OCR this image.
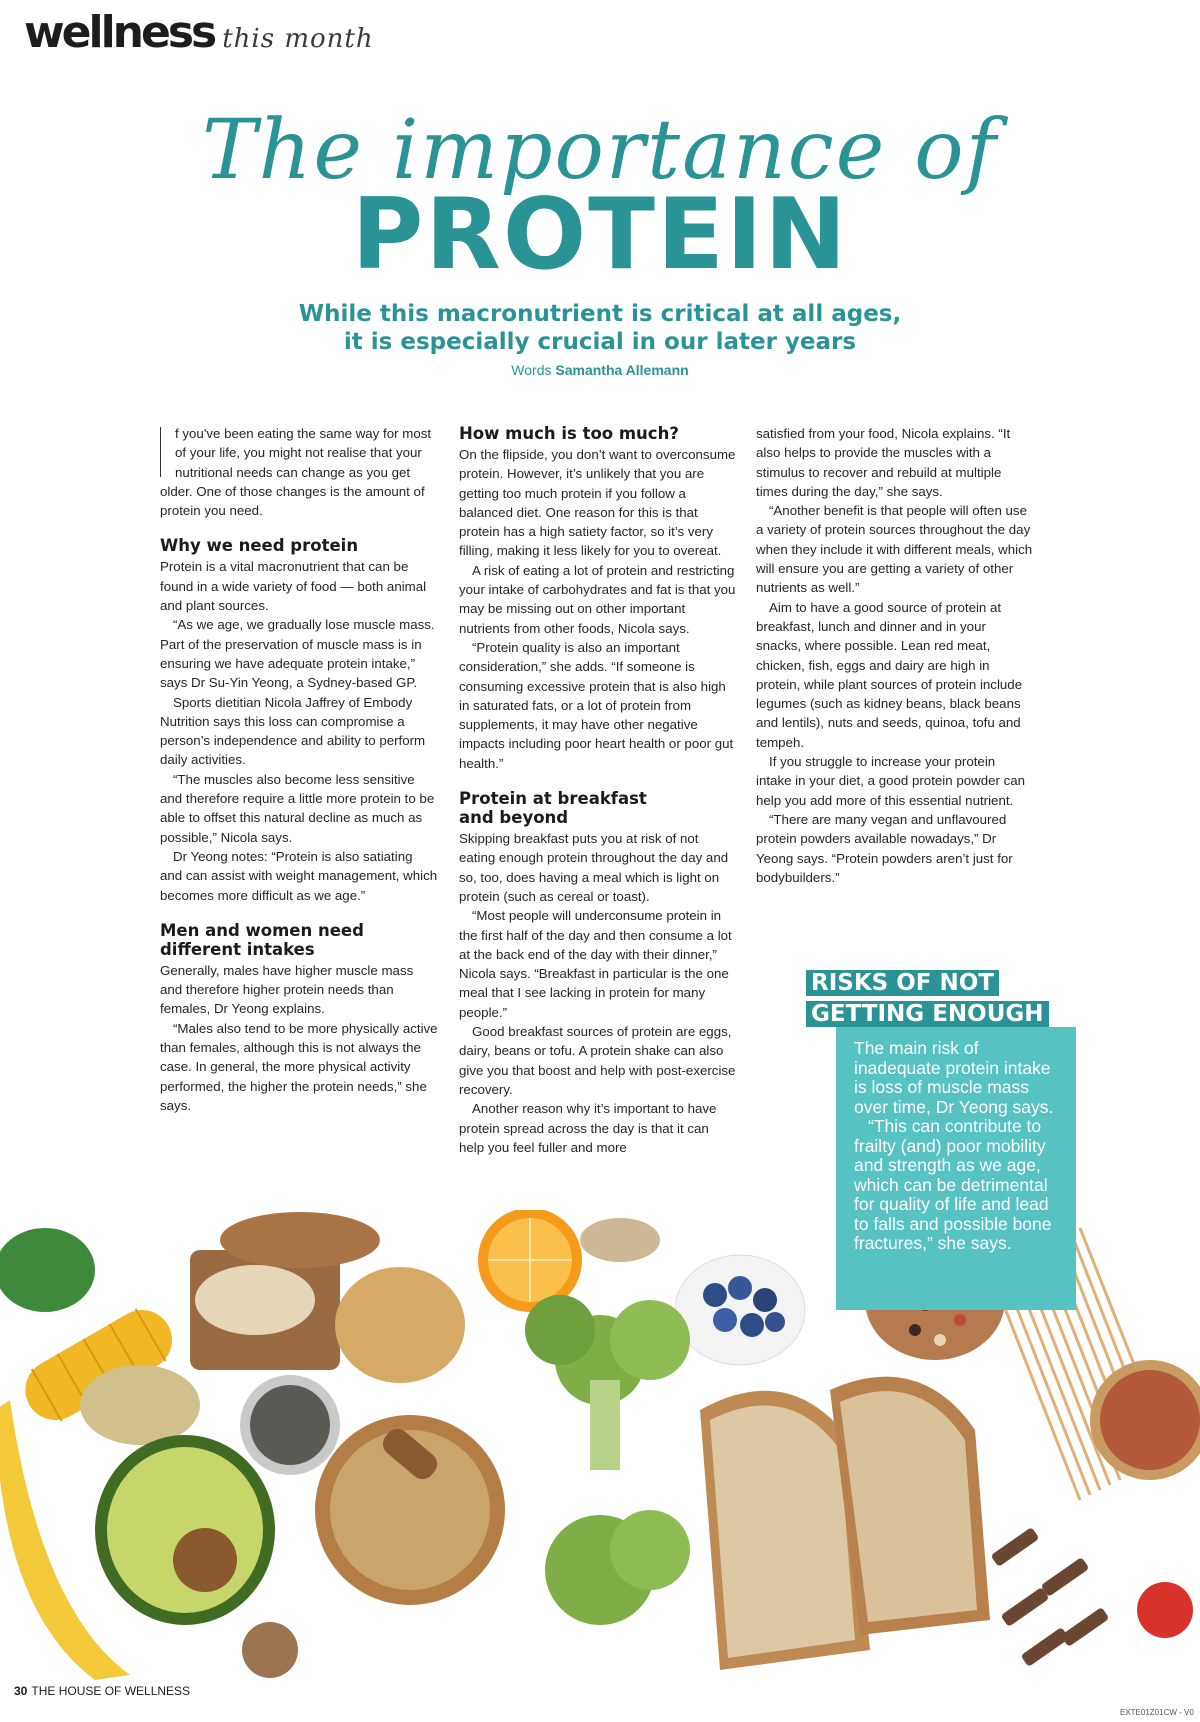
wellness this month
The importance of
PROTEIN
While this macronutrient is critical at all ages,
it is especially crucial in our later years
Words Samantha Allemann

f you've been eating the same way for most of your life, you might not realise that your nutritional needs can change as you get older. One of those changes is the amount of protein you need.

Why we need protein

Protein is a vital macronutrient that can be found in a wide variety of food — both animal and plant sources.

“As we age, we gradually lose muscle mass. Part of the preservation of muscle mass is in ensuring we have adequate protein intake,” says Dr Su-Yin Yeong, a Sydney-based GP.

Sports dietitian Nicola Jaffrey of Embody Nutrition says this loss can compromise a person’s independence and ability to perform daily activities.

“The muscles also become less sensitive and therefore require a little more protein to be able to offset this natural decline as much as possible,” Nicola says.

Dr Yeong notes: “Protein is also satiating and can assist with weight management, which becomes more difficult as we age.”

Men and women need
different intakes

Generally, males have higher muscle mass and therefore higher protein needs than females, Dr Yeong explains.

“Males also tend to be more physically active than females, although this is not always the case. In general, the more physical activity performed, the higher the protein needs,” she says.

How much is too much?

On the flipside, you don’t want to overconsume protein. However, it’s unlikely that you are getting too much protein if you follow a balanced diet. One reason for this is that protein has a high satiety factor, so it’s very filling, making it less likely for you to overeat.

A risk of eating a lot of protein and restricting your intake of carbohydrates and fat is that you may be missing out on other important nutrients from other foods, Nicola says.

“Protein quality is also an important consideration,” she adds. “If someone is consuming excessive protein that is also high in saturated fats, or a lot of protein from supplements, it may have other negative impacts including poor heart health or poor gut health.”

Protein at breakfast
and beyond

Skipping breakfast puts you at risk of not eating enough protein throughout the day and so, too, does having a meal which is light on protein (such as cereal or toast).

“Most people will underconsume protein in the first half of the day and then consume a lot at the back end of the day with their dinner,” Nicola says. “Breakfast in particular is the one meal that I see lacking in protein for many people.”

Good breakfast sources of protein are eggs, dairy, beans or tofu. A protein shake can also give you that boost and help with post-exercise recovery.

Another reason why it’s important to have protein spread across the day is that it can help you feel fuller and more

satisfied from your food, Nicola explains. “It also helps to provide the muscles with a stimulus to recover and rebuild at multiple times during the day,” she says.

“Another benefit is that people will often use a variety of protein sources throughout the day when they include it with different meals, which will ensure you are getting a variety of other nutrients as well.”

Aim to have a good source of protein at breakfast, lunch and dinner and in your snacks, where possible. Lean red meat, chicken, fish, eggs and dairy are high in protein, while plant sources of protein include legumes (such as kidney beans, black beans and lentils), nuts and seeds, quinoa, tofu and tempeh.

If you struggle to increase your protein intake in your diet, a good protein powder can help you add more of this essential nutrient.

“There are many vegan and unflavoured protein powders available nowadays,” Dr Yeong says. “Protein powders aren’t just for bodybuilders.”

RISKS OF NOT
GETTING ENOUGH

The main risk of inadequate protein intake is loss of muscle mass over time, Dr Yeong says.

“This can contribute to frailty (and) poor mobility and strength as we age, which can be detrimental for quality of life and lead to falls and possible bone fractures,” she says.

30 THE HOUSE OF WELLNESS
EXTE01Z01CW - V0
